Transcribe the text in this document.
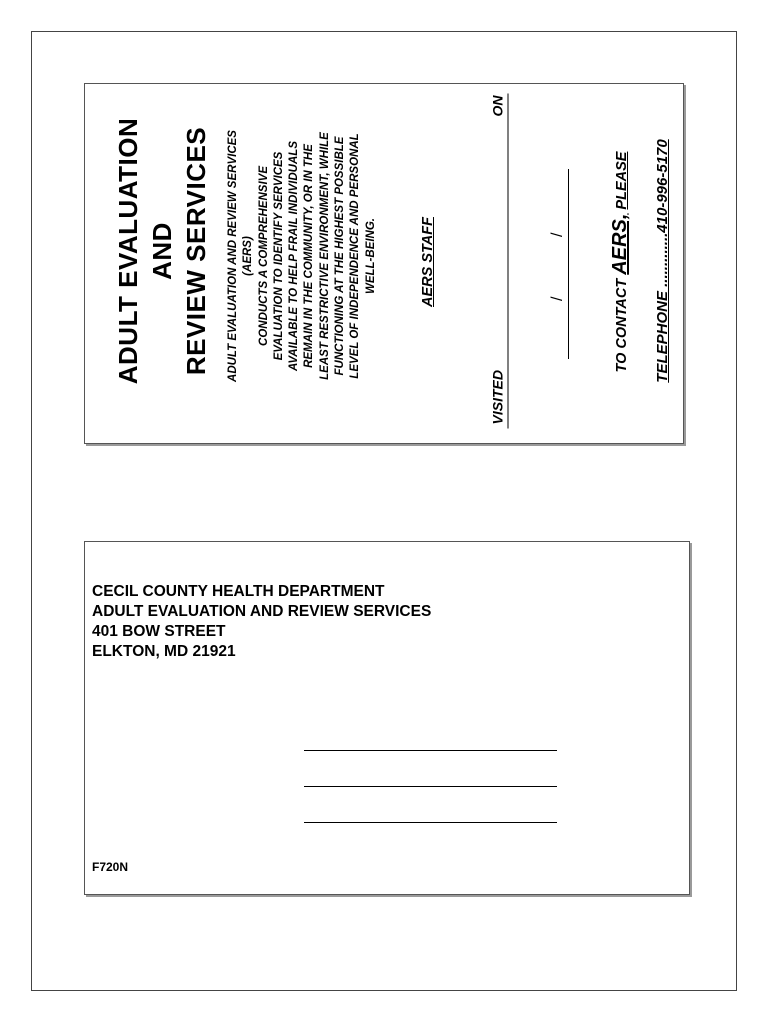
ADULT EVALUATION AND REVIEW SERVICES ADULT EVALUATION AND REVIEW SERVICES (AERS) CONDUCTS A COMPREHENSIVE EVALUATION TO IDENTIFY SERVICES AVAILABLE TO HELP FRAIL INDIVIDUALS REMAIN IN THE COMMUNITY, OR IN THE LEAST RESTRICTIVE ENVIRONMENT, WHILE FUNCTIONING AT THE HIGHEST POSSIBLE LEVEL OF INDEPENDENCE AND PERSONAL WELL-BEING.	AERS STAFF
VISITED
ON
/
/
TO CONTACT AERS, PLEASE TELEPHONE .............410-996-5170
CECIL COUNTY HEALTH DEPARTMENT
ADULT EVALUATION AND REVIEW SERVICES
401 BOW STREET
ELKTON, MD 21921
F720N
